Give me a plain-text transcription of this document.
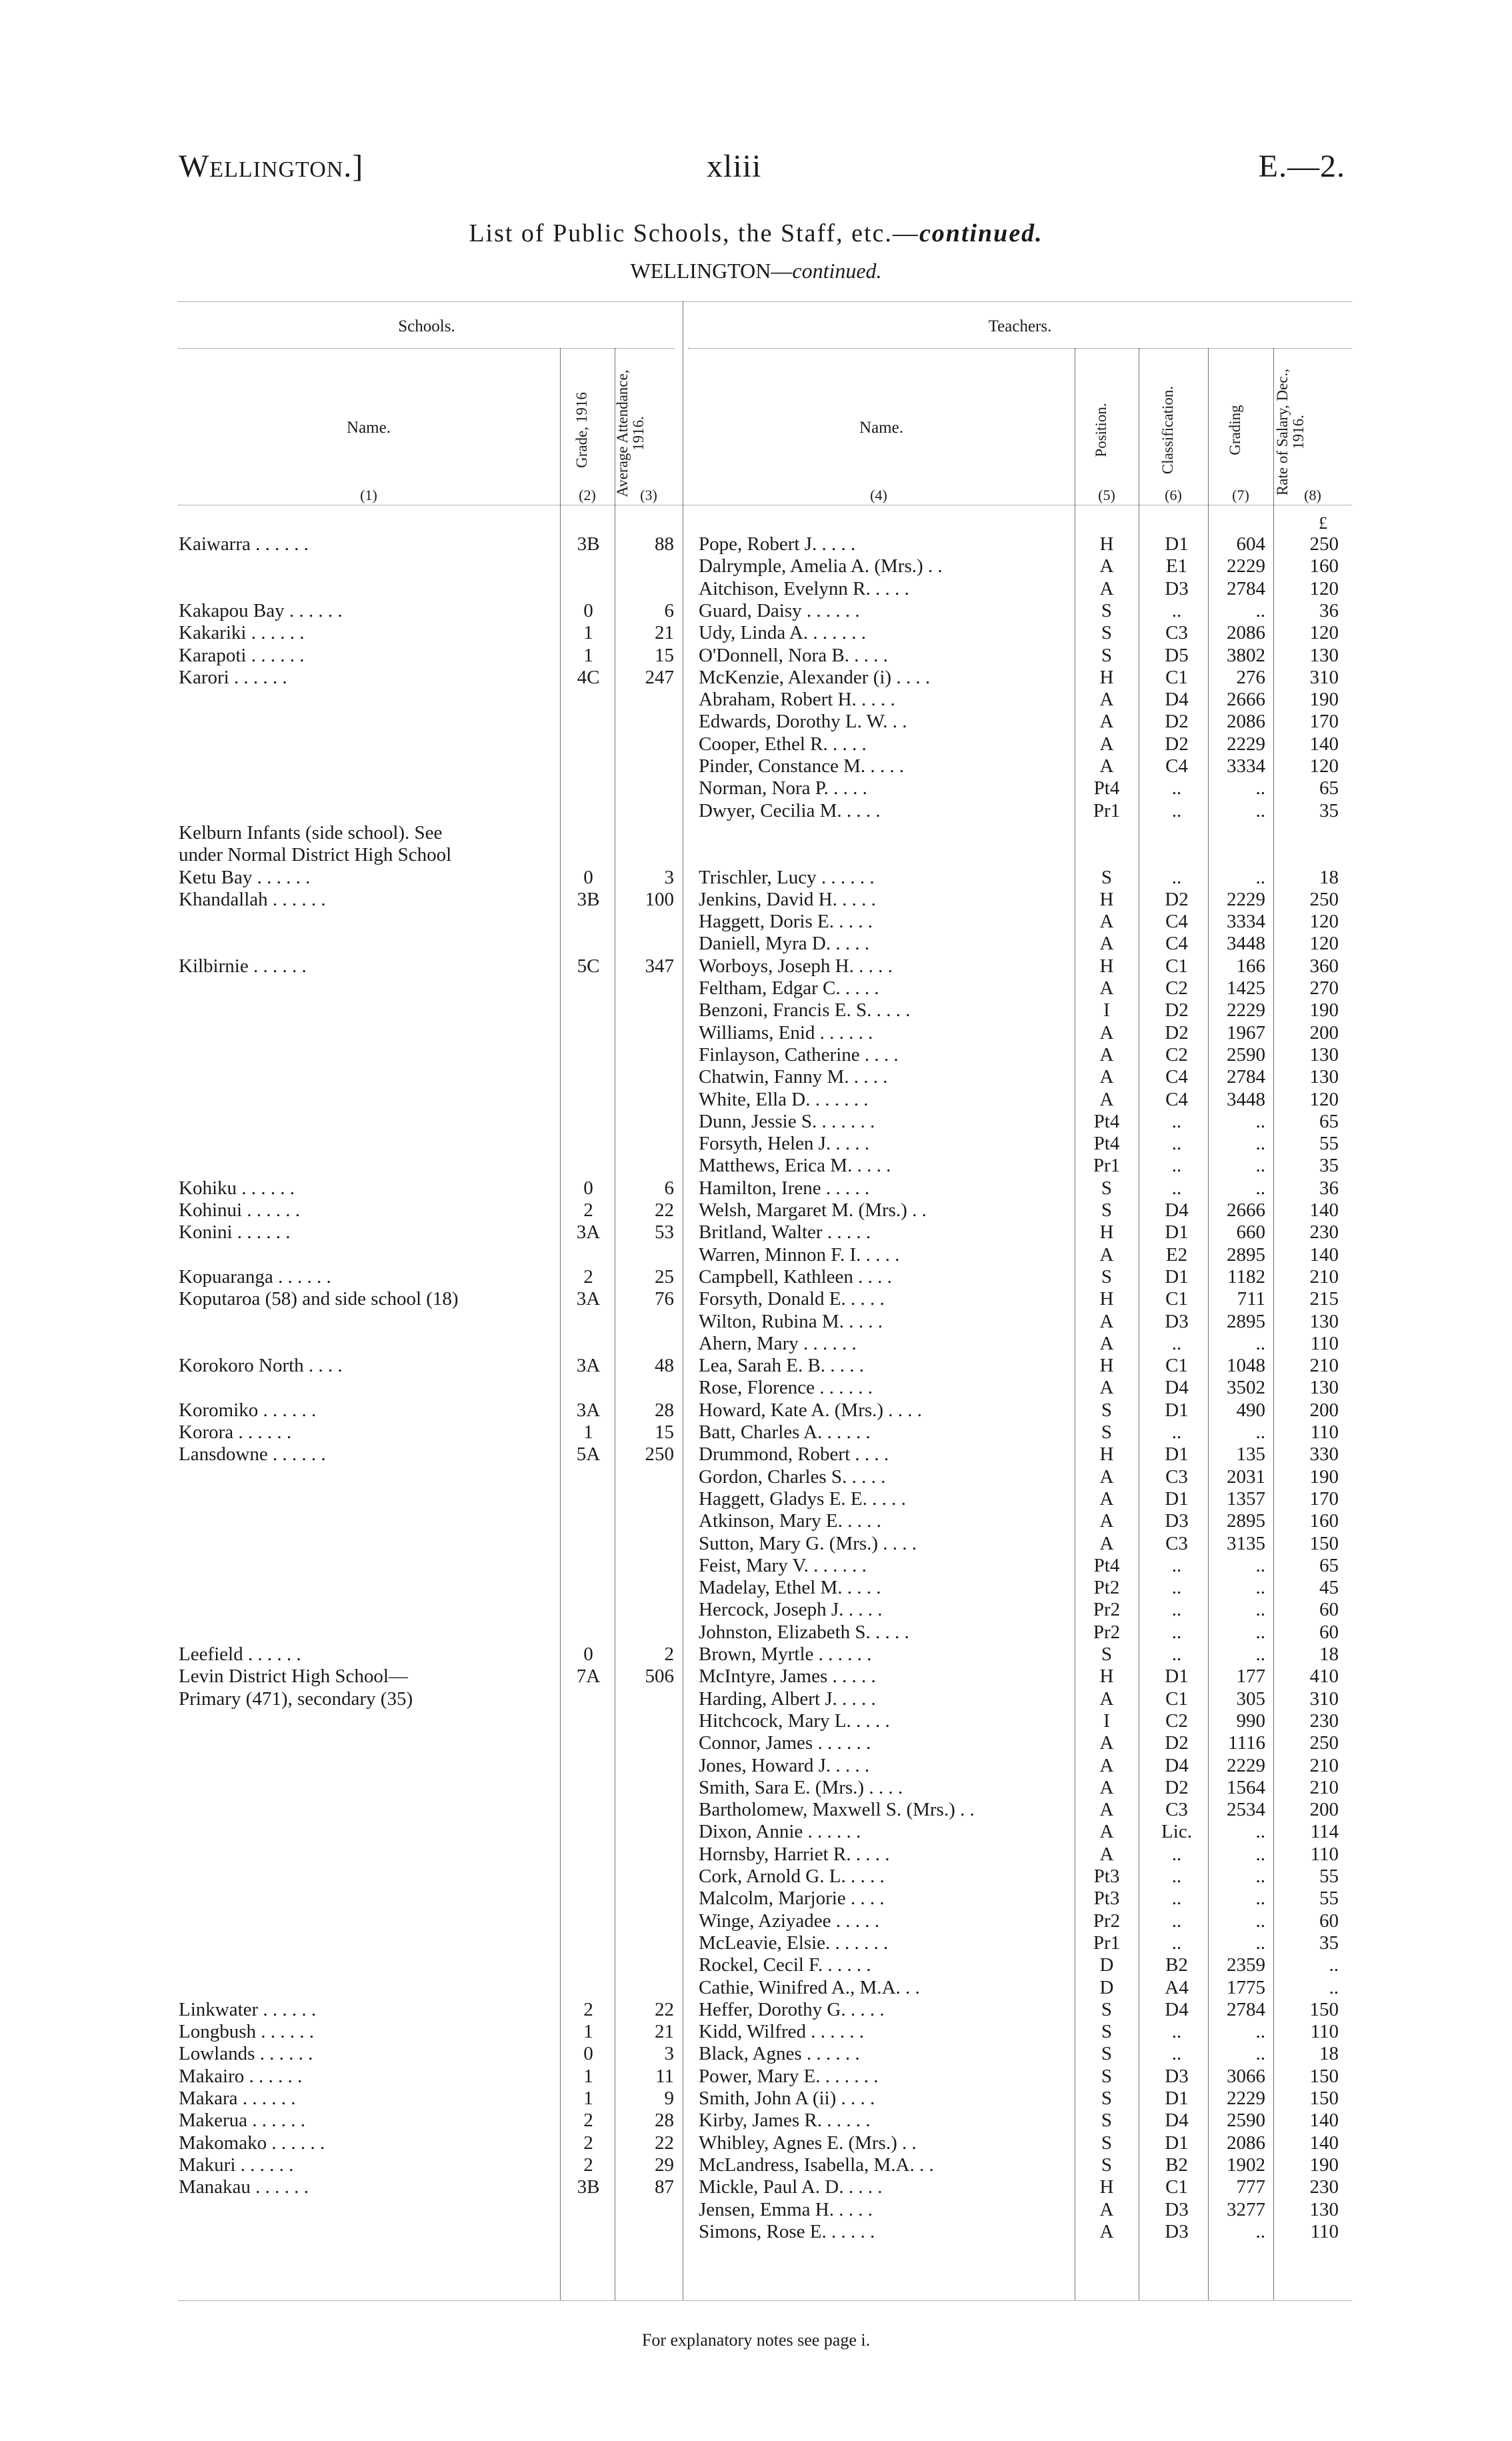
Wellington.]	xliii	E.—2.
List of Public Schools, the Staff, etc.—continued.
WELLINGTON—continued.
Schools.	Teachers.
Name.	Grade, 1916	Average Attendance, 1916.	Name.	Position.	Classification.	Grading	Rate of Salary, Dec., 1916.
(1)	(2)	(3)	(4)	(5)	(6)	(7)	(8)
£
Kaiwarra . . . . . .	3B	88 Pope, Robert J. . . . .	H	D1	604	250
Dalrymple, Amelia A. (Mrs.) . .	A	E1	2229	160
Aitchison, Evelynn R. . . . .	A	D3	2784	120
Kakapou Bay . . . . . .	0	6 Guard, Daisy . . . . . .	S	..	..	36
Kakariki . . . . . .	1	21 Udy, Linda A. . . . . . .	S	C3	2086	120
Karapoti . . . . . .	1	15 O'Donnell, Nora B. . . . .	S	D5	3802	130
Karori . . . . . .	4C	247 McKenzie, Alexander (i) . . . .	H	C1	276	310
Abraham, Robert H. . . . .	A	D4	2666	190
Edwards, Dorothy L. W. . .	A	D2	2086	170
Cooper, Ethel R. . . . .	A	D2	2229	140
Pinder, Constance M. . . . .	A	C4	3334	120
Norman, Nora P. . . . .	Pt4	..	..	65
Dwyer, Cecilia M. . . . .	Pr1	..	..	35
Kelburn Infants (side school). See
under Normal District High School
Ketu Bay . . . . . .	0	3 Trischler, Lucy . . . . . .	S	..	..	18
Khandallah . . . . . .	3B	100 Jenkins, David H. . . . .	H	D2	2229	250
Haggett, Doris E. . . . .	A	C4	3334	120
Daniell, Myra D. . . . .	A	C4	3448	120
Kilbirnie . . . . . .	5C	347 Worboys, Joseph H. . . . .	H	C1	166	360
Feltham, Edgar C. . . . .	A	C2	1425	270
Benzoni, Francis E. S. . . . .	I	D2	2229	190
Williams, Enid . . . . . .	A	D2	1967	200
Finlayson, Catherine . . . .	A	C2	2590	130
Chatwin, Fanny M. . . . .	A	C4	2784	130
White, Ella D. . . . . . .	A	C4	3448	120
Dunn, Jessie S. . . . . . .	Pt4	..	..	65
Forsyth, Helen J. . . . .	Pt4	..	..	55
Matthews, Erica M. . . . .	Pr1	..	..	35
Kohiku . . . . . .	0	6 Hamilton, Irene . . . . .	S	..	..	36
Kohinui . . . . . .	2	22 Welsh, Margaret M. (Mrs.) . .	S	D4	2666	140
Konini . . . . . .	3A	53 Britland, Walter . . . . .	H	D1	660	230
Warren, Minnon F. I. . . . .	A	E2	2895	140
Kopuaranga . . . . . .	2	25 Campbell, Kathleen . . . .	S	D1	1182	210
Koputaroa (58) and side school (18)	3A	76 Forsyth, Donald E. . . . .	H	C1	711	215
Wilton, Rubina M. . . . .	A	D3	2895	130
Ahern, Mary . . . . . .	A	..	..	110
Korokoro North . . . .	3A	48 Lea, Sarah E. B. . . . .	H	C1	1048	210
Rose, Florence . . . . . .	A	D4	3502	130
Koromiko . . . . . .	3A	28 Howard, Kate A. (Mrs.) . . . .	S	D1	490	200
Korora . . . . . .	1	15 Batt, Charles A. . . . . .	S	..	..	110
Lansdowne . . . . . .	5A	250 Drummond, Robert . . . .	H	D1	135	330
Gordon, Charles S. . . . .	A	C3	2031	190
Haggett, Gladys E. E. . . . .	A	D1	1357	170
Atkinson, Mary E. . . . .	A	D3	2895	160
Sutton, Mary G. (Mrs.) . . . .	A	C3	3135	150
Feist, Mary V. . . . . . .	Pt4	..	..	65
Madelay, Ethel M. . . . .	Pt2	..	..	45
Hercock, Joseph J. . . . .	Pr2	..	..	60
Johnston, Elizabeth S. . . . .	Pr2	..	..	60
Leefield . . . . . .	0	2 Brown, Myrtle . . . . . .	S	..	..	18
Levin District High School—	7A	506 McIntyre, James . . . . .	H	D1	177	410
Primary (471), secondary (35)	Harding, Albert J. . . . .	A	C1	305	310
Hitchcock, Mary L. . . . .	I	C2	990	230
Connor, James . . . . . .	A	D2	1116	250
Jones, Howard J. . . . .	A	D4	2229	210
Smith, Sara E. (Mrs.) . . . .	A	D2	1564	210
Bartholomew, Maxwell S. (Mrs.) . .	A	C3	2534	200
Dixon, Annie . . . . . .	A	Lic.	..	114
Hornsby, Harriet R. . . . .	A	..	..	110
Cork, Arnold G. L. . . . .	Pt3	..	..	55
Malcolm, Marjorie . . . .	Pt3	..	..	55
Winge, Aziyadee . . . . .	Pr2	..	..	60
McLeavie, Elsie. . . . . . .	Pr1	..	..	35
Rockel, Cecil F. . . . . .	D	B2	2359	..
Cathie, Winifred A., M.A. . .	D	A4	1775	..
Linkwater . . . . . .	2	22 Heffer, Dorothy G. . . . .	S	D4	2784	150
Longbush . . . . . .	1	21 Kidd, Wilfred . . . . . .	S	..	..	110
Lowlands . . . . . .	0	3 Black, Agnes . . . . . .	S	..	..	18
Makairo . . . . . .	1	11 Power, Mary E. . . . . . .	S	D3	3066	150
Makara . . . . . .	1	9 Smith, John A (ii) . . . .	S	D1	2229	150
Makerua . . . . . .	2	28 Kirby, James R. . . . . .	S	D4	2590	140
Makomako . . . . . .	2	22 Whibley, Agnes E. (Mrs.) . .	S	D1	2086	140
Makuri . . . . . .	2	29 McLandress, Isabella, M.A. . .	S	B2	1902	190
Manakau . . . . . .	3B	87 Mickle, Paul A. D. . . . .	H	C1	777	230
Jensen, Emma H. . . . .	A	D3	3277	130
Simons, Rose E. . . . . .	A	D3	..	110
For explanatory notes see page i.
